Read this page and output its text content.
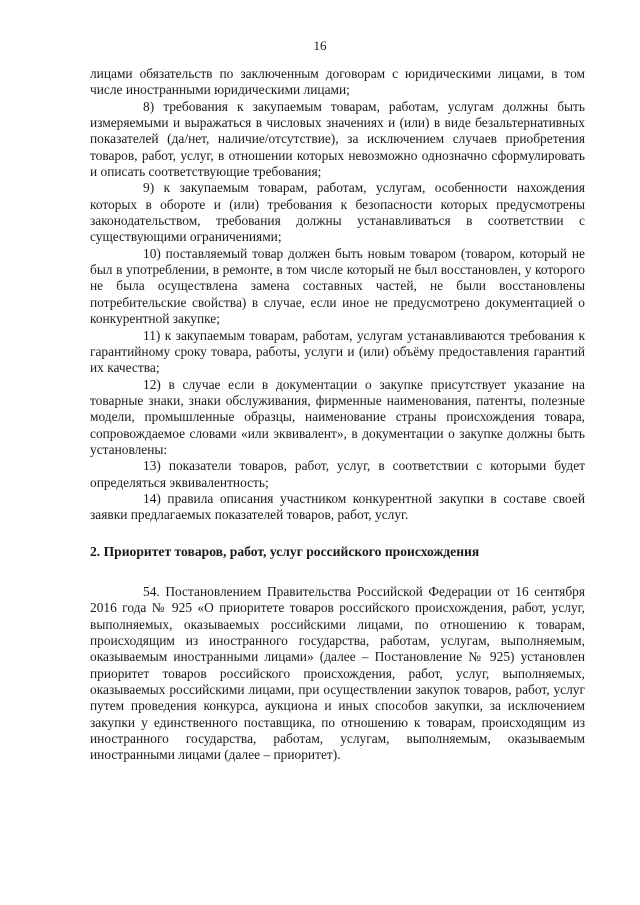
16

лицами обязательств по заключенным договорам с юридическими лицами, в том числе иностранными юридическими лицами;

8) требования к закупаемым товарам, работам, услугам должны быть измеряемыми и выражаться в числовых значениях и (или) в виде безальтернативных показателей (да/нет, наличие/отсутствие), за исключением случаев приобретения товаров, работ, услуг, в отношении которых невозможно однозначно сформулировать и описать соответствующие требования;

9) к закупаемым товарам, работам, услугам, особенности нахождения которых в обороте и (или) требования к безопасности которых предусмотрены законодательством, требования должны устанавливаться в соответствии с существующими ограничениями;

10) поставляемый товар должен быть новым товаром (товаром, который не был в употреблении, в ремонте, в том числе который не был восстановлен, у которого не была осуществлена замена составных частей, не были восстановлены потребительские свойства) в случае, если иное не предусмотрено документацией о конкурентной закупке;

11) к закупаемым товарам, работам, услугам устанавливаются требования к гарантийному сроку товара, работы, услуги и (или) объёму предоставления гарантий их качества;

12) в случае если в документации о закупке присутствует указание на товарные знаки, знаки обслуживания, фирменные наименования, патенты, полезные модели, промышленные образцы, наименование страны происхождения товара, сопровождаемое словами «или эквивалент», в документации о закупке должны быть установлены:

13) показатели товаров, работ, услуг, в соответствии с которыми будет определяться эквивалентность;

14) правила описания участником конкурентной закупки в составе своей заявки предлагаемых показателей товаров, работ, услуг.

2. Приоритет товаров, работ, услуг российского происхождения

54. Постановлением Правительства Российской Федерации от 16 сентября 2016 года № 925 «О приоритете товаров российского происхождения, работ, услуг, выполняемых, оказываемых российскими лицами, по отношению к товарам, происходящим из иностранного государства, работам, услугам, выполняемым, оказываемым иностранными лицами» (далее – Постановление № 925) установлен приоритет товаров российского происхождения, работ, услуг, выполняемых, оказываемых российскими лицами, при осуществлении закупок товаров, работ, услуг путем проведения конкурса, аукциона и иных способов закупки, за исключением закупки у единственного поставщика, по отношению к товарам, происходящим из иностранного государства, работам, услугам, выполняемым, оказываемым иностранными лицами (далее – приоритет).
